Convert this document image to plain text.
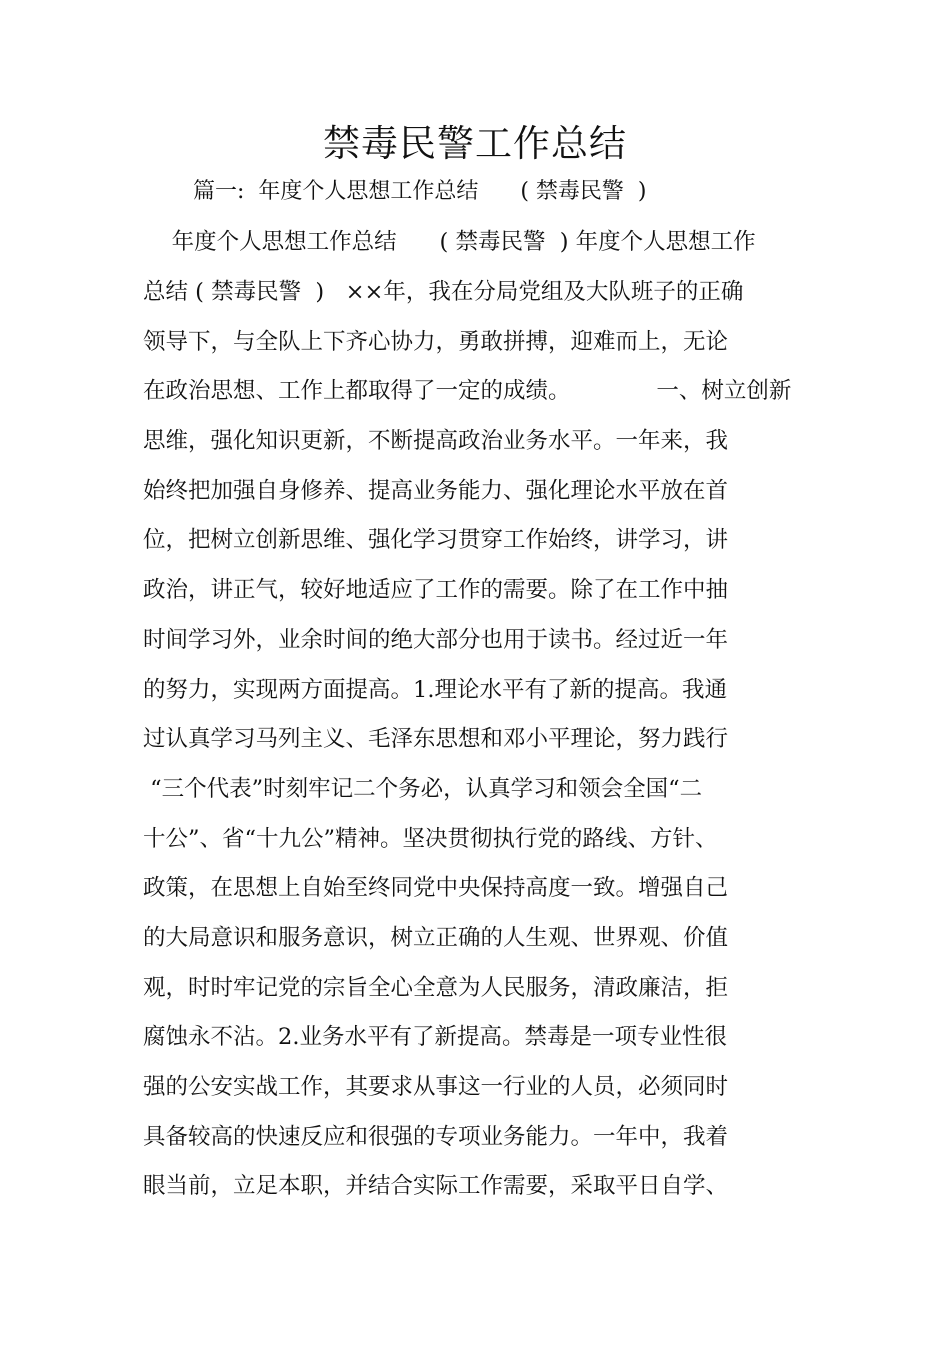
禁毒民警工作总结
篇一:  年度个人思想工作总结      ( 禁毒民警  )
年度个人思想工作总结      ( 禁毒民警  ) 年度个人思想工作
总结 ( 禁毒民警  )   ××年，我在分局党组及大队班子的正确
领导下，与全队上下齐心协力，勇敢拼搏，迎难而上，无论
在政治思想、工作上都取得了一定的成绩。            一、树立创新
思维，强化知识更新，不断提高政治业务水平。一年来，我
始终把加强自身修养、提高业务能力、强化理论水平放在首
位，把树立创新思维、强化学习贯穿工作始终，讲学习，讲
政治，讲正气，较好地适应了工作的需要。除了在工作中抽
时间学习外，业余时间的绝大部分也用于读书。经过近一年
的努力，实现两方面提高。1.理论水平有了新的提高。我通
过认真学习马列主义、毛泽东思想和邓小平理论，努力践行
“三个代表”时刻牢记二个务必，认真学习和领会全国“二
十公”、省“十九公”精神。坚决贯彻执行党的路线、方针、
政策，在思想上自始至终同党中央保持高度一致。增强自己
的大局意识和服务意识，树立正确的人生观、世界观、价值
观，时时牢记党的宗旨全心全意为人民服务，清政廉洁，拒
腐蚀永不沾。2.业务水平有了新提高。禁毒是一项专业性很
强的公安实战工作，其要求从事这一行业的人员，必须同时
具备较高的快速反应和很强的专项业务能力。一年中，我着
眼当前，立足本职，并结合实际工作需要，采取平日自学、
